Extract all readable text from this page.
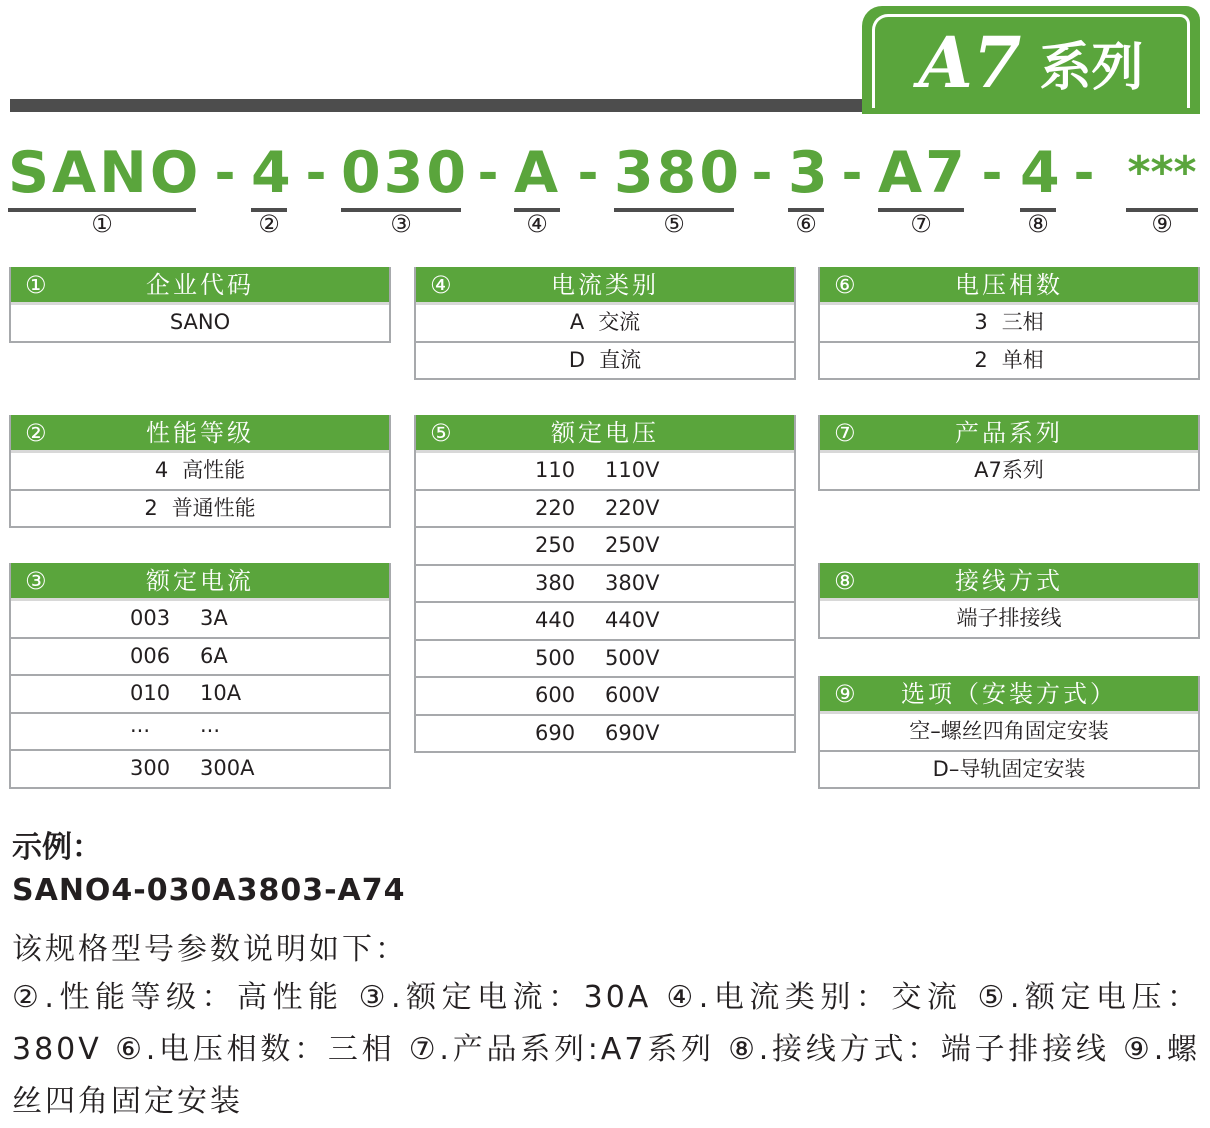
A7 系列
SANO - 4 - 030 - A - 380 - 3 - A7 - 4 - ***
①	②	③	④	⑤	⑥	⑦	⑧	⑨
①	企业代码
SANO
②	性能等级
4 高性能
2 普通性能
③	额定电流
003 3A
006 6A
010 10A
··· ···
300 300A
④	电流类别
A 交流
D 直流
⑤	额定电压
110 110V
220 220V
250 250V
380 380V
440 440V
500 500V
600 600V
690 690V
⑥	电压相数
3 三相
2 单相
⑦	产品系列
A7系列
⑧	接线方式
端子排接线
⑨	选项（安装方式）
空–螺丝四角固定安装
D–导轨固定安装
示例：
SANO4-030A3803-A74
该规格型号参数说明如下：
②.性能等级：高性能 ③.额定电流：30A ④.电流类别：交流 ⑤.额定电压：380V ⑥.电压相数：三相 ⑦.产品系列:A7系列 ⑧.接线方式：端子排接线 ⑨.螺丝四角固定安装
